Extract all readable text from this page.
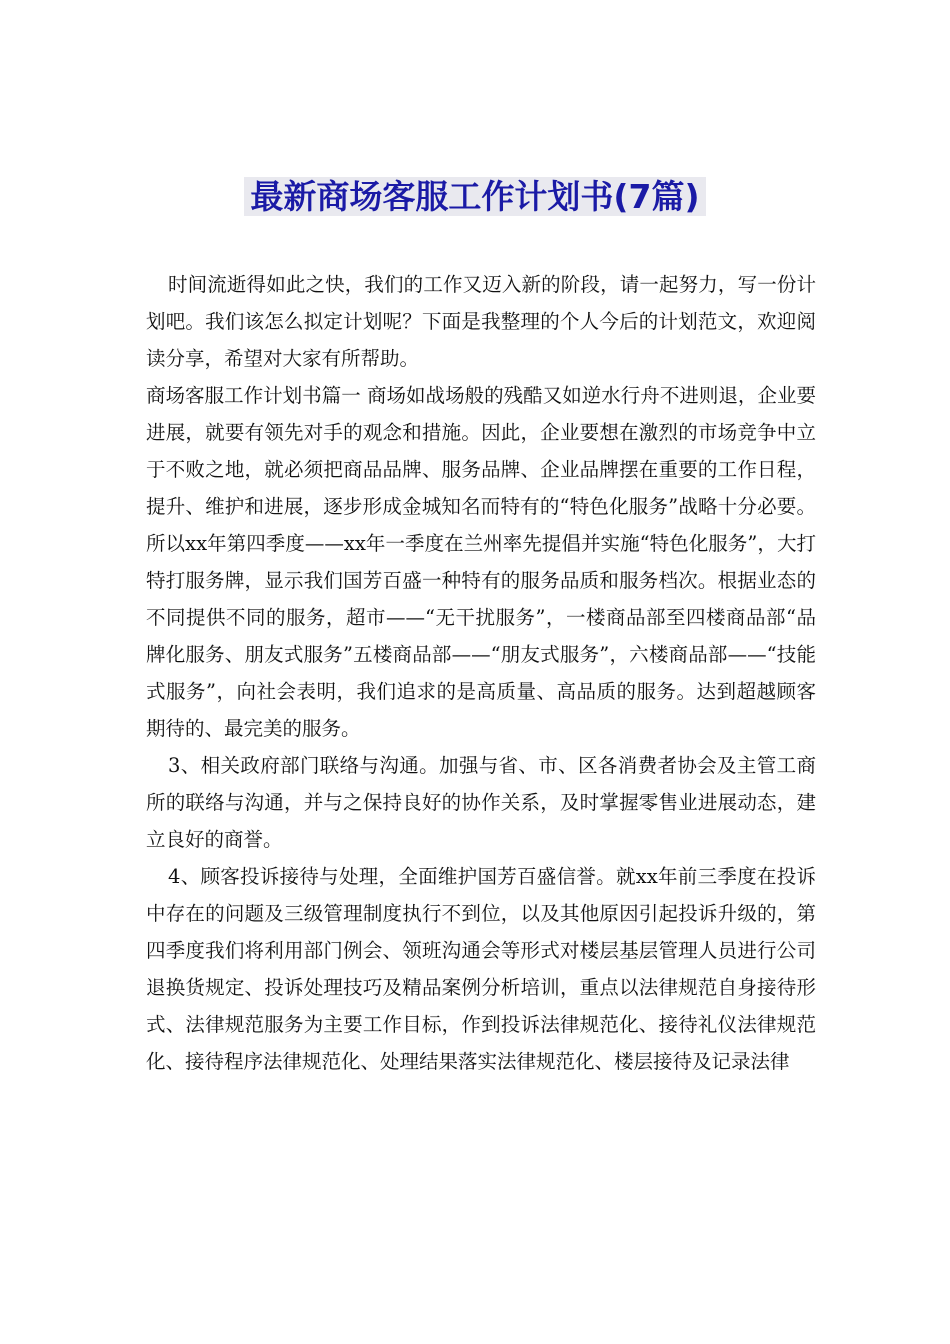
最新商场客服工作计划书(7篇)

时间流逝得如此之快，我们的工作又迈入新的阶段，请一起努力，写一份计划吧。我们该怎么拟定计划呢？下面是我整理的个人今后的计划范文，欢迎阅读分享，希望对大家有所帮助。

商场客服工作计划书篇一 商场如战场般的残酷又如逆水行舟不进则退，企业要进展，就要有领先对手的观念和措施。因此，企业要想在激烈的市场竞争中立于不败之地，就必须把商品品牌、服务品牌、企业品牌摆在重要的工作日程，提升、维护和进展，逐步形成金城知名而特有的“特色化服务”战略十分必要。所以xx年第四季度——xx年一季度在兰州率先提倡并实施“特色化服务”，大打特打服务牌，显示我们国芳百盛一种特有的服务品质和服务档次。根据业态的不同提供不同的服务，超市——“无干扰服务”，一楼商品部至四楼商品部“品牌化服务、朋友式服务”五楼商品部——“朋友式服务”，六楼商品部——“技能式服务”，向社会表明，我们追求的是高质量、高品质的服务。达到超越顾客期待的、最完美的服务。

3、相关政府部门联络与沟通。加强与省、市、区各消费者协会及主管工商所的联络与沟通，并与之保持良好的协作关系，及时掌握零售业进展动态，建立良好的商誉。

4、顾客投诉接待与处理，全面维护国芳百盛信誉。就xx年前三季度在投诉中存在的问题及三级管理制度执行不到位，以及其他原因引起投诉升级的，第四季度我们将利用部门例会、领班沟通会等形式对楼层基层管理人员进行公司退换货规定、投诉处理技巧及精品案例分析培训，重点以法律规范自身接待形式、法律规范服务为主要工作目标，作到投诉法律规范化、接待礼仪法律规范化、接待程序法律规范化、处理结果落实法律规范化、楼层接待及记录法律
